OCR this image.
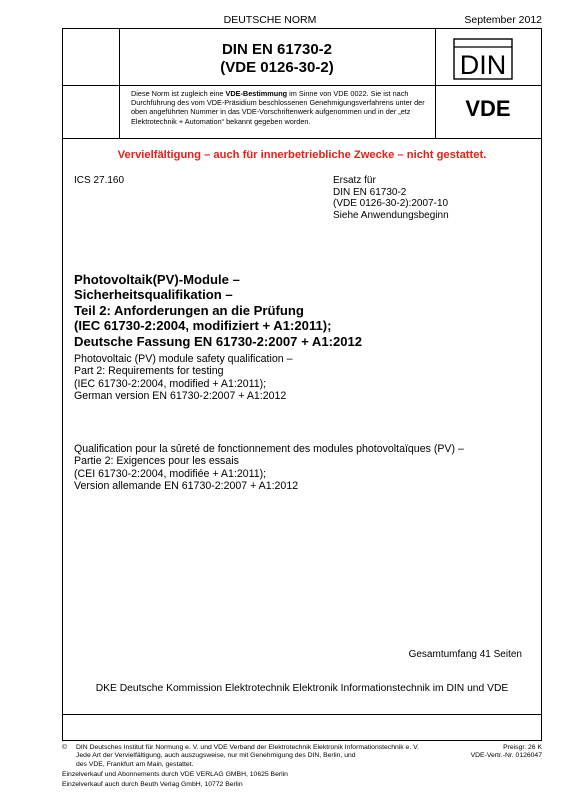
DEUTSCHE NORM	September 2012
DIN EN 61730-2
(VDE 0126-30-2)	DIN
VDE
Diese Norm ist zugleich eine VDE-Bestimmung im Sinne von VDE 0022. Sie ist nach Durchführung des vom VDE-Präsidium beschlossenen Genehmigungsverfahrens unter der oben angeführten Nummer in das VDE-Vorschriftenwerk aufgenommen und in der „etz Elektrotechnik + Automation“ bekannt gegeben worden.
Vervielfältigung – auch für innerbetriebliche Zwecke – nicht gestattet.
ICS 27.160	Ersatz für
DIN EN 61730-2
(VDE 0126-30-2):2007-10
Siehe Anwendungsbeginn
Photovoltaik(PV)-Module –
Sicherheitsqualifikation –
Teil 2: Anforderungen an die Prüfung
(IEC 61730-2:2004, modifiziert + A1:2011);
Deutsche Fassung EN 61730-2:2007 + A1:2012
Photovoltaic (PV) module safety qualification –
Part 2: Requirements for testing
(IEC 61730-2:2004, modified + A1:2011);
German version EN 61730-2:2007 + A1:2012
Qualification pour la sûreté de fonctionnement des modules photovoltaïques (PV) –
Partie 2: Exigences pour les essais
(CEI 61730-2:2004, modifiée + A1:2011);
Version allemande EN 61730-2:2007 + A1:2012
Gesamtumfang 41 Seiten
DKE Deutsche Kommission Elektrotechnik Elektronik Informationstechnik im DIN und VDE
© DIN Deutsches Institut für Normung e. V. und VDE Verband der Elektrotechnik Elektronik Informationstechnik e. V.
Jede Art der Vervielfältigung, auch auszugsweise, nur mit Genehmigung des DIN, Berlin, und
des VDE, Frankfurt am Main, gestattet.
Preisgr. 26 K
VDE-Vertr.-Nr. 0126047
Einzelverkauf und Abonnements durch VDE VERLAG GMBH, 10625 Berlin
Einzelverkauf auch durch Beuth Verlag GmbH, 10772 Berlin
